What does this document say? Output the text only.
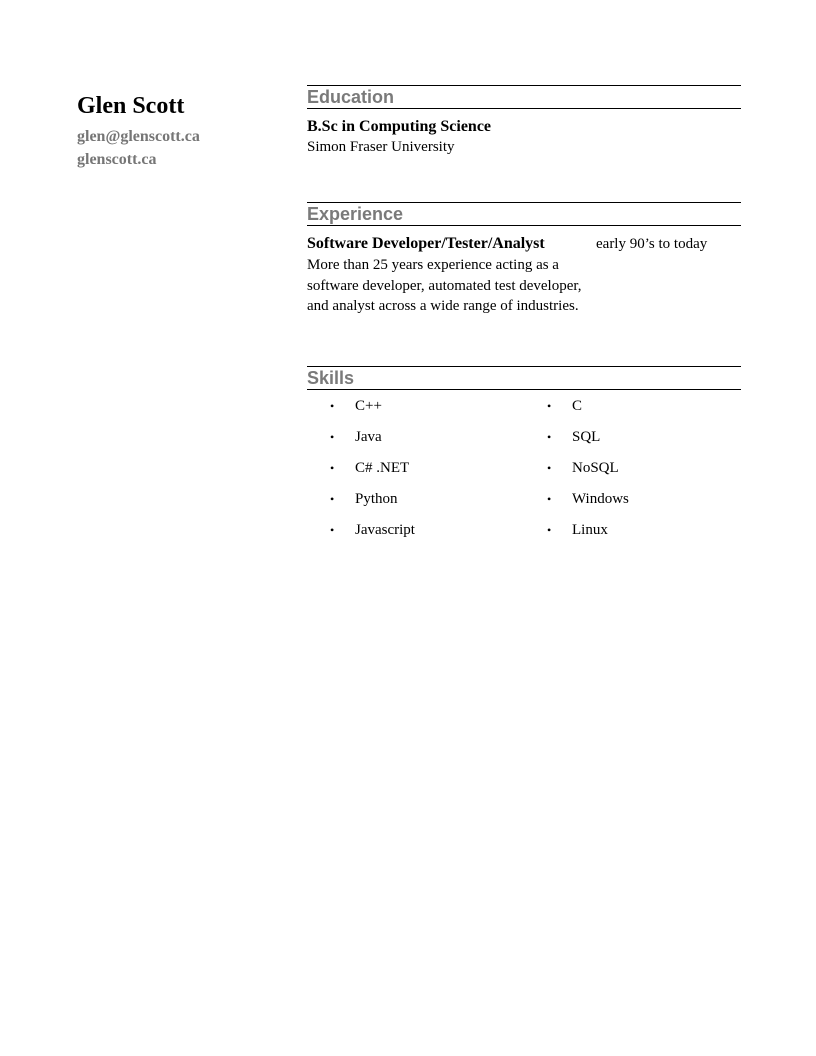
Glen Scott
glen@glenscott.ca
glenscott.ca
Education
B.Sc in Computing Science
Simon Fraser University
Experience
Software Developer/Tester/Analyst	early 90’s to today
More than 25 years experience acting as a software developer, automated test developer, and analyst across a wide range of industries.
Skills
• C++
• Java
• C# .NET
• Python
• Javascript
• C
• SQL
• NoSQL
• Windows
• Linux
